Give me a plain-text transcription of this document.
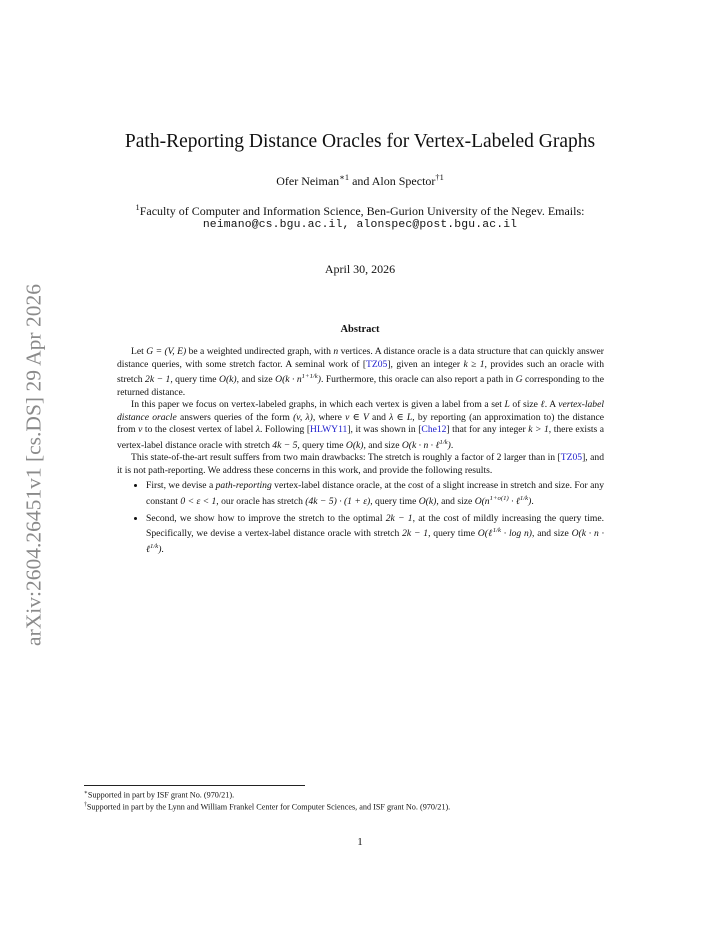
arXiv:2604.26451v1 [cs.DS] 29 Apr 2026
Path-Reporting Distance Oracles for Vertex-Labeled Graphs
Ofer Neiman$^{∗1}$ and Alon Spector$^{\dagger 1}$
$^1$Faculty of Computer and Information Science, Ben-Gurion University of the Negev. Emails:
neimano@cs.bgu.ac.il, alonspec@post.bgu.ac.il
April 30, 2026
Abstract

Let G = (V, E) be a weighted undirected graph, with n vertices. A distance oracle is a data structure that can quickly answer distance queries, with some stretch factor. A seminal work of [TZ05], given an integer k ≥ 1, provides such an oracle with stretch 2k − 1, query time O(k), and size $O(k \cdot n^{1+1/k})$. Furthermore, this oracle can also report a path in G corresponding to the returned distance.

In this paper we focus on vertex-labeled graphs, in which each vertex is given a label from a set L of size ℓ. A vertex-label distance oracle answers queries of the form (v, λ), where v ∈ V and λ ∈ L, by reporting (an approximation to) the distance from v to the closest vertex of label λ. Following [HLWY11], it was shown in [Che12] that for any integer k > 1, there exists a vertex-label distance oracle with stretch 4k − 5, query time O(k), and size O(k · n · ℓ$^{1/k}$).

This state-of-the-art result suffers from two main drawbacks: The stretch is roughly a factor of 2 larger than in [TZ05], and it is not path-reporting. We address these concerns in this work, and provide the following results.

• First, we devise a path-reporting vertex-label distance oracle, at the cost of a slight increase in stretch and size. For any constant 0 < ε < 1, our oracle has stretch (4k − 5) · (1 + ε), query time O(k), and size $O(n^{1+o(1)}$ · ℓ$^{1/k}$).
• Second, we show how to improve the stretch to the optimal 2k − 1, at the cost of mildly increasing the query time. Specifically, we devise a vertex-label distance oracle with stretch 2k − 1, query time O(ℓ$^{1/k}$ · log n), and size O(k · n · ℓ$^{1/k}$).
∗Supported in part by ISF grant No. (970/21).
†Supported in part by the Lynn and William Frankel Center for Computer Sciences, and ISF grant No. (970/21).
1
